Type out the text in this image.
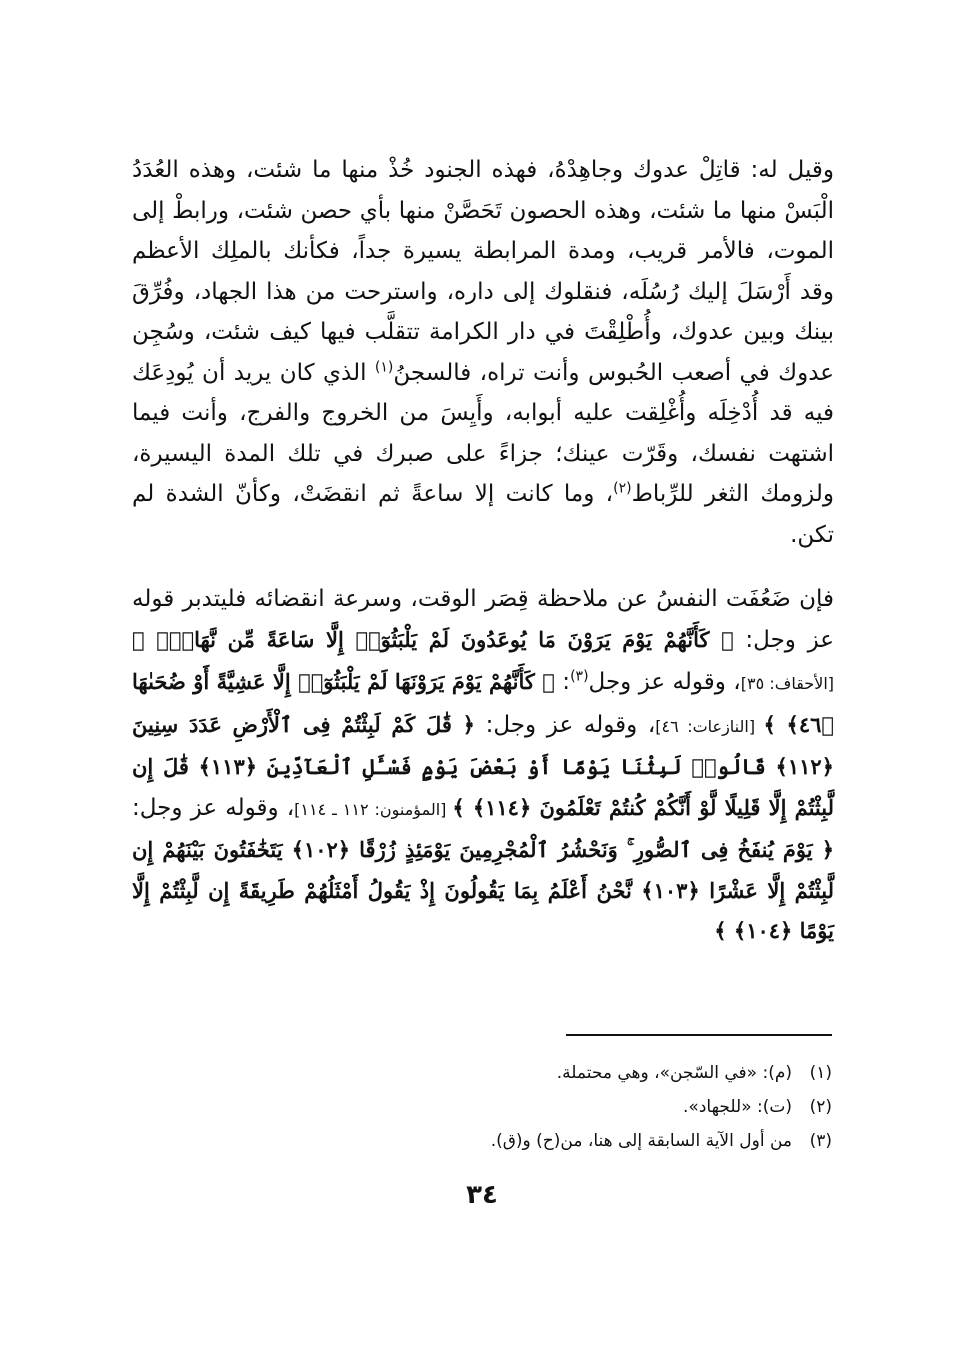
وقيل له: قاتِلْ عدوك وجاهِدْهُ، فهذه الجنود خُذْ منها ما شئت، وهذه العُدَدُ الْبَسْ منها ما شئت، وهذه الحصون تَحَصَّنْ منها بأي حصن شئت، ورابطْ إلى الموت، فالأمر قريب، ومدة المرابطة يسيرة جداً، فكأنك بالملِك الأعظم وقد أَرْسَلَ إليك رُسُلَه، فنقلوك إلى داره، واسترحت من هذا الجهاد، وفُرِّقَ بينك وبين عدوك، وأُطْلِقْتَ في دار الكرامة تتقلَّب فيها كيف شئت، وسُجِن عدوك في أصعب الحُبوس وأنت تراه، فالسجنُ$^{(١)}$ الذي كان يريد أن يُودِعَك فيه قد أُدْخِلَه وأُغْلِقت عليه أبوابه، وأَيِسَ من الخروج والفرج، وأنت فيما اشتهت نفسك، وقَرّت عينك؛ جزاءً على صبرك في تلك المدة اليسيرة، ولزومك الثغر للرِّباط$^{(٢)}$، وما كانت إلا ساعةً ثم انقضَتْ، وكأنّ الشدة لم تكن.

فإن ضَعُفَت النفسُ عن ملاحظة قِصَر الوقت، وسرعة انقضائه فليتدبر قوله عز وجل: ﴿ كَأَنَّهُمْ يَوْمَ يَرَوْنَ مَا يُوعَدُونَ لَمْ يَلْبَثُوٓا۟ إِلَّا سَاعَةً مِّن نَّهَارٍۭ ﴾ [الأحقاف: ٣٥]، وقوله عز وجل$^{(٣)}$: ﴿ كَأَنَّهُمْ يَوْمَ يَرَوْنَهَا لَمْ يَلْبَثُوٓا۟ إِلَّا عَشِيَّةً أَوْ ضُحَىٰهَا ﴿٤٦﴾ ﴾ [النازعات: ٤٦]، وقوله عز وجل: ﴿ قَٰلَ كَمْ لَبِثْتُمْ فِى ٱلْأَرْضِ عَدَدَ سِنِينَ ﴿١١٢﴾ قَالُوا۟ لَبِثْنَا يَوْمًا أَوْ بَعْضَ يَوْمٍ فَسْـَٔلِ ٱلْعَآدِّينَ ﴿١١٣﴾ قَٰلَ إِن لَّبِثْتُمْ إِلَّا قَلِيلًا لَّوْ أَنَّكُمْ كُنتُمْ تَعْلَمُونَ ﴿١١٤﴾ ﴾ [المؤمنون: ١١٢ ـ ١١٤]، وقوله عز وجل: ﴿ يَوْمَ يُنفَخُ فِى ٱلصُّورِ ۚ وَنَحْشُرُ ٱلْمُجْرِمِينَ يَوْمَئِذٍ زُرْقًا ﴿١٠٢﴾ يَتَخَٰفَتُونَ بَيْنَهُمْ إِن لَّبِثْتُمْ إِلَّا عَشْرًا ﴿١٠٣﴾ نَّحْنُ أَعْلَمُ بِمَا يَقُولُونَ إِذْ يَقُولُ أَمْثَلُهُمْ طَرِيقَةً إِن لَّبِثْتُمْ إِلَّا يَوْمًا ﴿١٠٤﴾ ﴾

(١)(م): «في السّجن»، وهي محتملة.

(٢)(ت): «للجهاد».

(٣)من أول الآية السابقة إلى هنا، من(ح) و(ق).

٣٤
